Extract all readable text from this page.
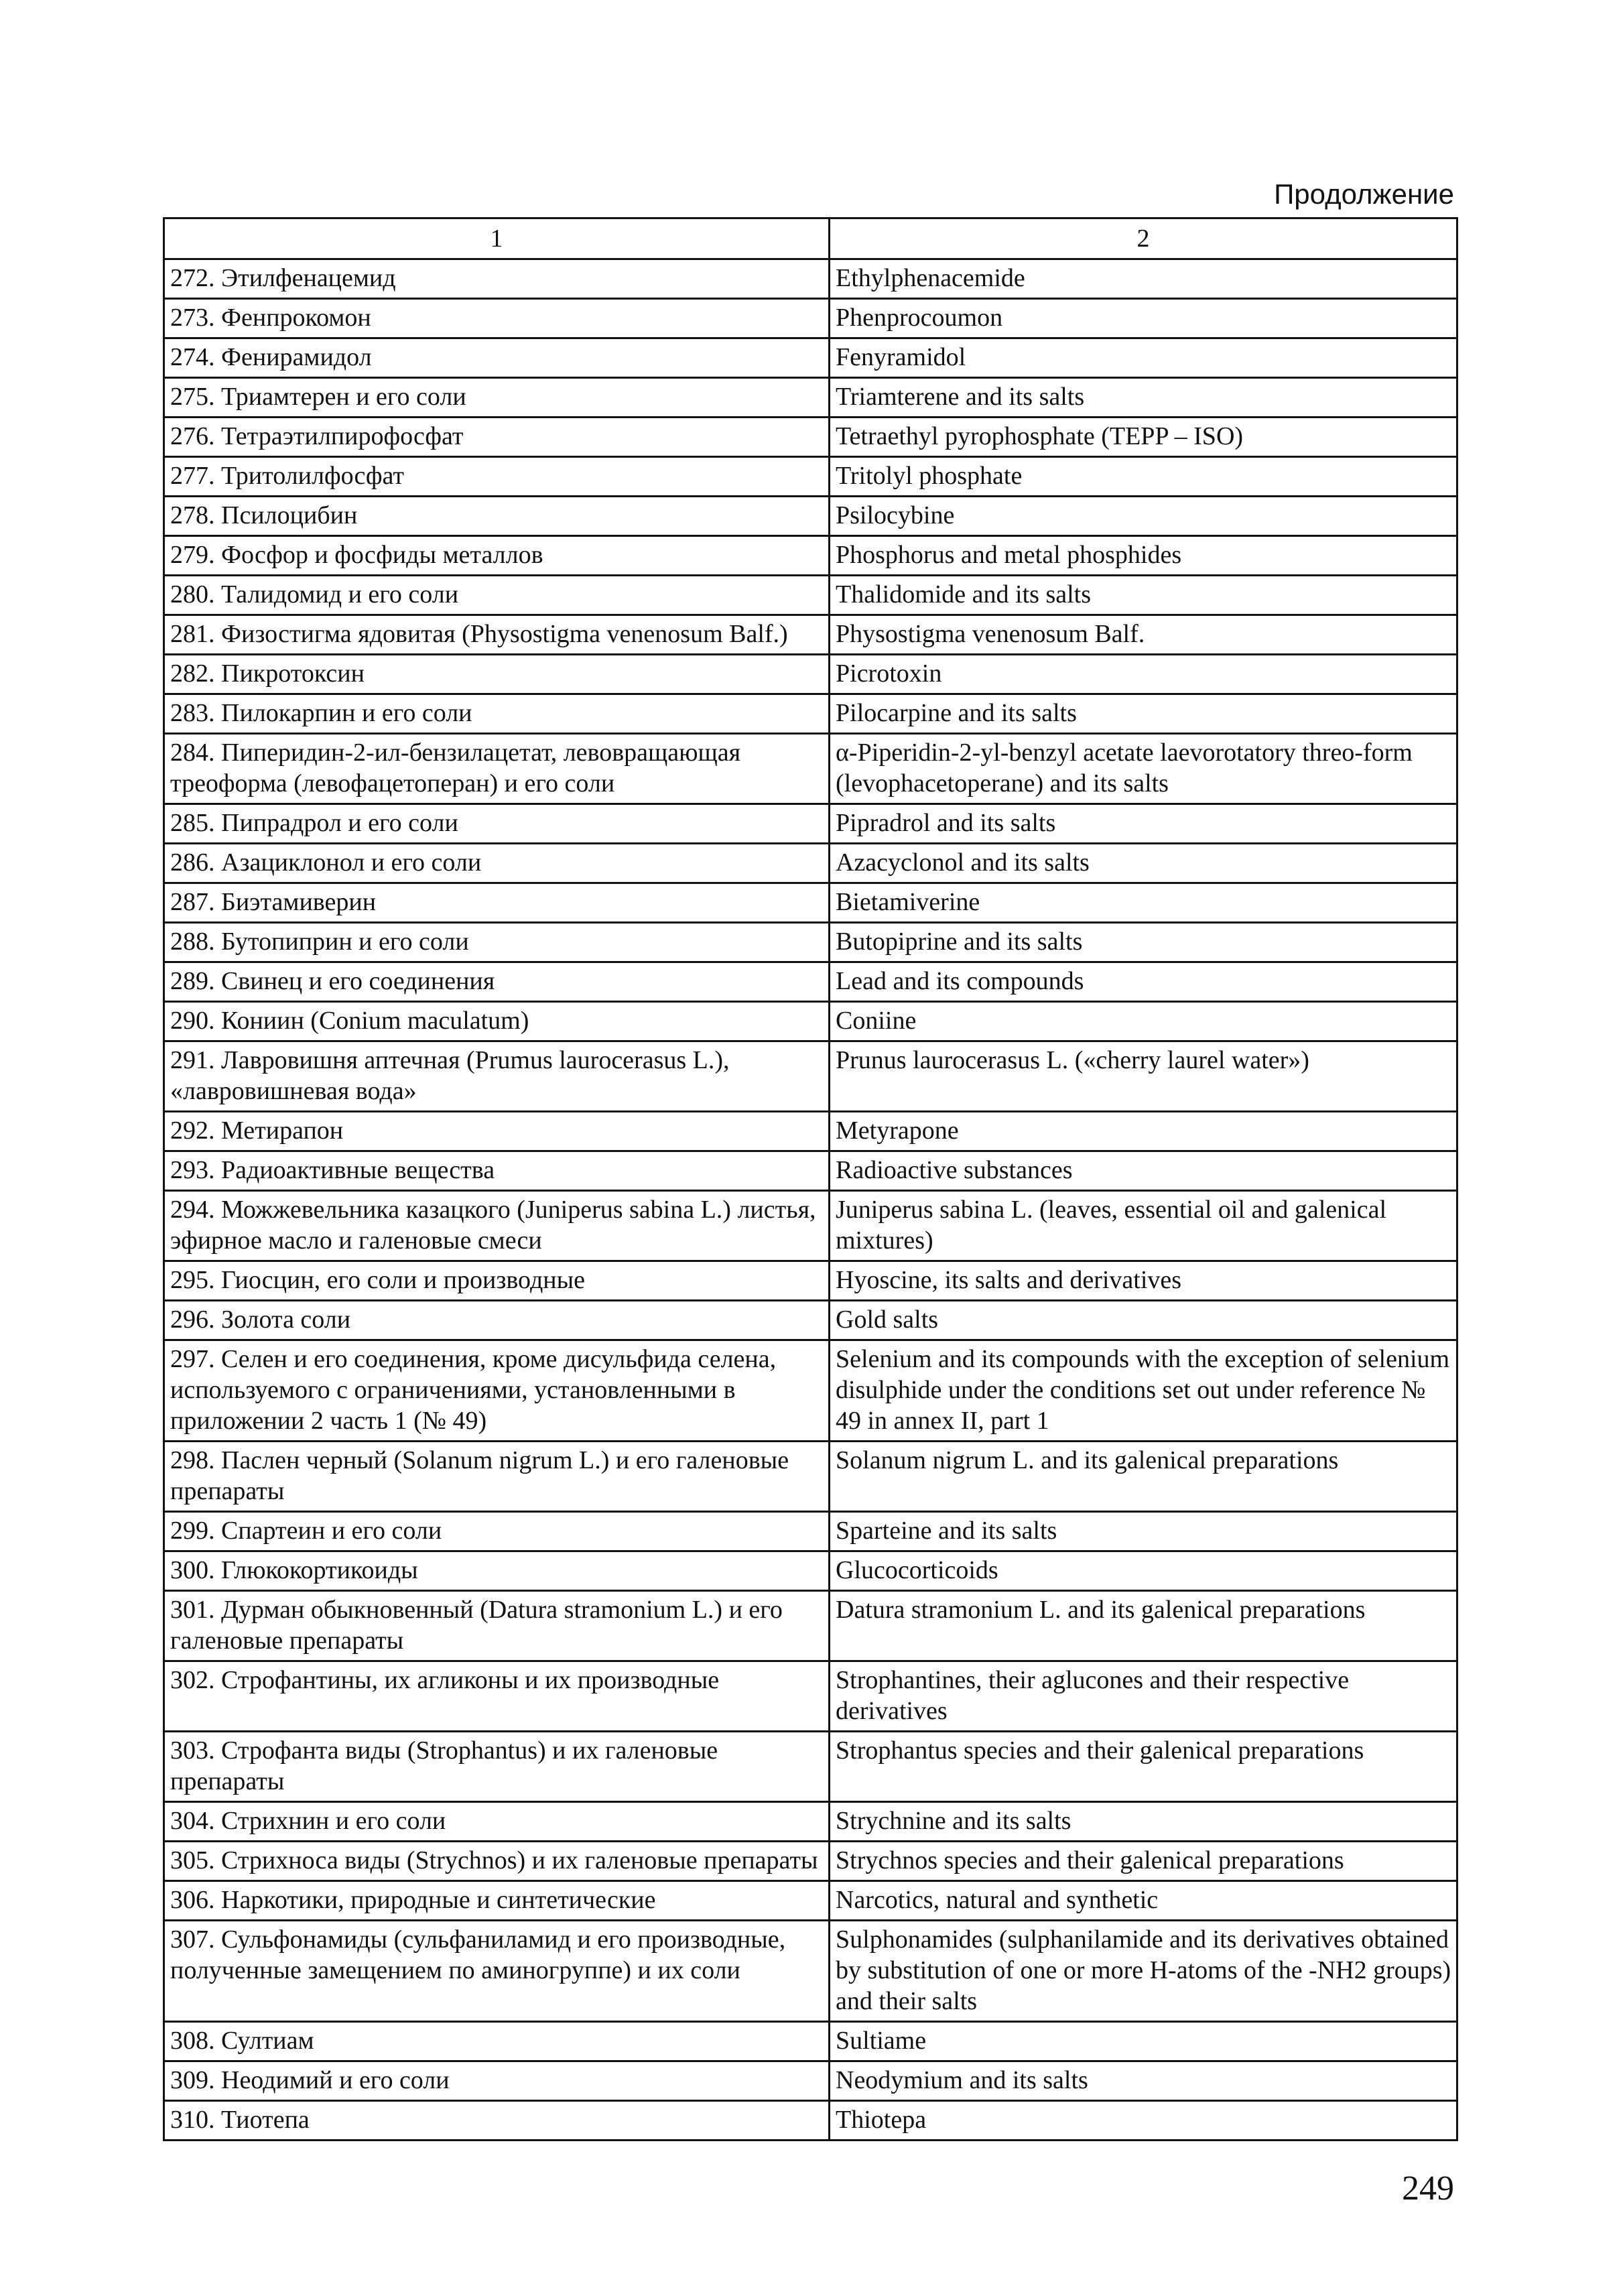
Продолжение
1	2
272. Этилфенацемид	Ethylphenacemide
273. Фенпрокомон	Phenprocoumon
274. Фенирамидол	Fenyramidol
275. Триамтерен и его соли	Triamterene and its salts
276. Тетраэтилпирофосфат	Tetraethyl pyrophosphate (TEPP – ISO)
277. Тритолилфосфат	Tritolyl phosphate
278. Псилоцибин	Psilocybine
279. Фосфор и фосфиды металлов	Phosphorus and metal phosphides
280. Талидомид и его соли	Thalidomide and its salts
281. Физостигма ядовитая (Physostigma venenosum Balf.)	Physostigma venenosum Balf.
282. Пикротоксин	Picrotoxin
283. Пилокарпин и его соли	Pilocarpine and its salts
284. Пиперидин-2-ил-бензилацетат, левовращающая треоформа (левофацетоперан) и его соли	α-Piperidin-2-yl-benzyl acetate laevorotatory threo-form (levophacetoperane) and its salts
285. Пипрадрол и его соли	Pipradrol and its salts
286. Азациклонол и его соли	Azacyclonol and its salts
287. Биэтамиверин	Bietamiverine
288. Бутопиприн и его соли	Butopiprine and its salts
289. Свинец и его соединения	Lead and its compounds
290. Кониин (Conium maculatum)	Coniine
291. Лавровишня аптечная (Prumus laurocerasus L.), «лавровишневая вода»	Prunus laurocerasus L. («cherry laurel water»)
292. Метирапон	Metyrapone
293. Радиоактивные вещества	Radioactive substances
294. Можжевельника казацкого (Juniperus sabina L.) листья, эфирное масло и галеновые смеси	Juniperus sabina L. (leaves, essential oil and galenical mixtures)
295. Гиосцин, его соли и производные	Hyoscine, its salts and derivatives
296. Золота соли	Gold salts
297. Селен и его соединения, кроме дисульфида селена, используемого с ограничениями, установленными в приложении 2 часть 1 (№ 49)	Selenium and its compounds with the exception of selenium disulphide under the conditions set out under reference № 49 in annex II, part 1
298. Паслен черный (Solanum nigrum L.) и его галеновые препараты	Solanum nigrum L. and its galenical preparations
299. Спартеин и его соли	Sparteine and its salts
300. Глюкокортикоиды	Glucocorticoids
301. Дурман обыкновенный (Datura stramonium L.) и его галеновые препараты	Datura stramonium L. and its galenical preparations
302. Строфантины, их агликоны и их производные	Strophantines, their aglucones and their respective derivatives
303. Строфанта виды (Strophantus) и их галеновые препараты	Strophantus species and their galenical preparations
304. Стрихнин и его соли	Strychnine and its salts
305. Стрихноса виды (Strychnos) и их галеновые препараты	Strychnos species and their galenical preparations
306. Наркотики, природные и синтетические	Narcotics, natural and synthetic
307. Сульфонамиды (сульфаниламид и его производные, полученные замещением по аминогруппе) и их соли	Sulphonamides (sulphanilamide and its derivatives obtained by substitution of one or more H-atoms of the -NH2 groups) and their salts
308. Султиам	Sultiame
309. Неодимий и его соли	Neodymium and its salts
310. Тиотепа	Thiotepa
249
